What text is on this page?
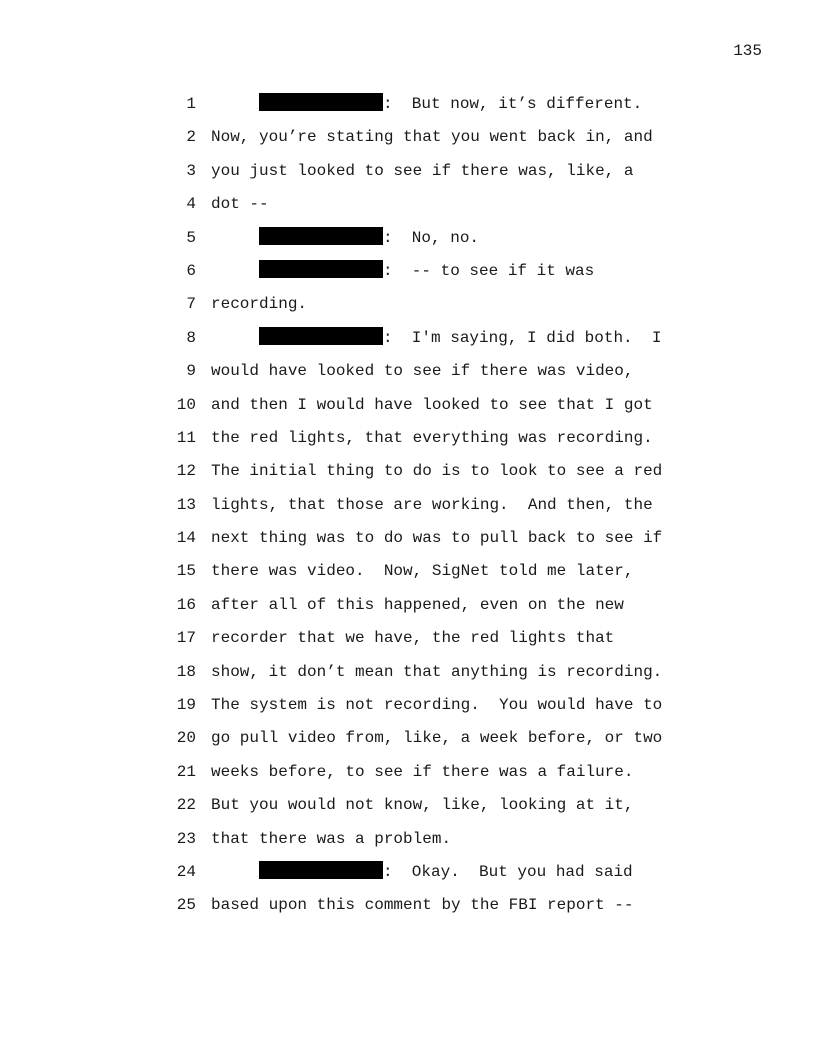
135
1	:  But now, it’s different.
2 Now, you’re stating that you went back in, and
3 you just looked to see if there was, like, a
4 dot --
5	:  No, no.
6	:  -- to see if it was
7 recording.
8	:  I'm saying, I did both.  I
9 would have looked to see if there was video,
10 and then I would have looked to see that I got
11 the red lights, that everything was recording.
12 The initial thing to do is to look to see a red
13 lights, that those are working.  And then, the
14 next thing was to do was to pull back to see if
15 there was video.  Now, SigNet told me later,
16 after all of this happened, even on the new
17 recorder that we have, the red lights that
18 show, it don’t mean that anything is recording.
19 The system is not recording.  You would have to
20 go pull video from, like, a week before, or two
21 weeks before, to see if there was a failure.
22 But you would not know, like, looking at it,
23 that there was a problem.
24	:  Okay.  But you had said
25 based upon this comment by the FBI report --
